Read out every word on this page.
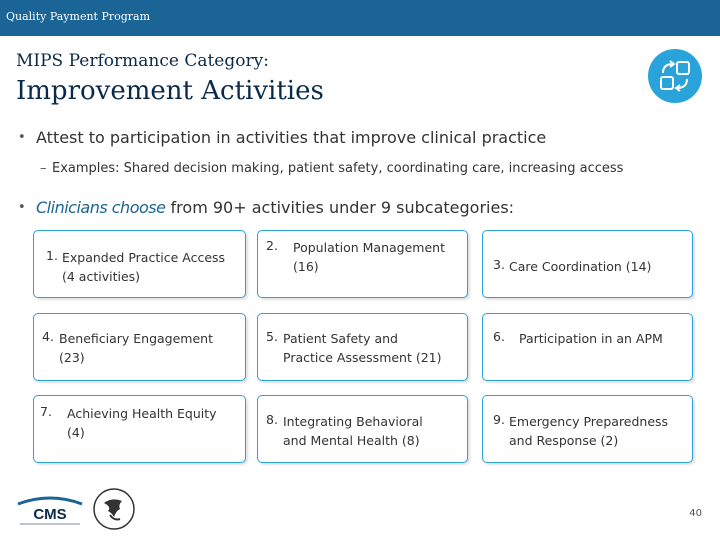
Quality Payment Program
MIPS Performance Category:
Improvement Activities
• Attest to participation in activities that improve clinical practice
– Examples: Shared decision making, patient safety, coordinating care, increasing access
• Clinicians choose from 90+ activities under 9 subcategories:
1. Expanded Practice Access
(4 activities)
2. Population Management
(16)	3. Care Coordination (14)
4. Beneficiary Engagement
(23)
5. Patient Safety and
Practice Assessment (21)
6. Participation in an APM
7. Achieving Health Equity
(4)
8. Integrating Behavioral
and Mental Health (8)
9. Emergency Preparedness
and Response (2)
CMS	40
